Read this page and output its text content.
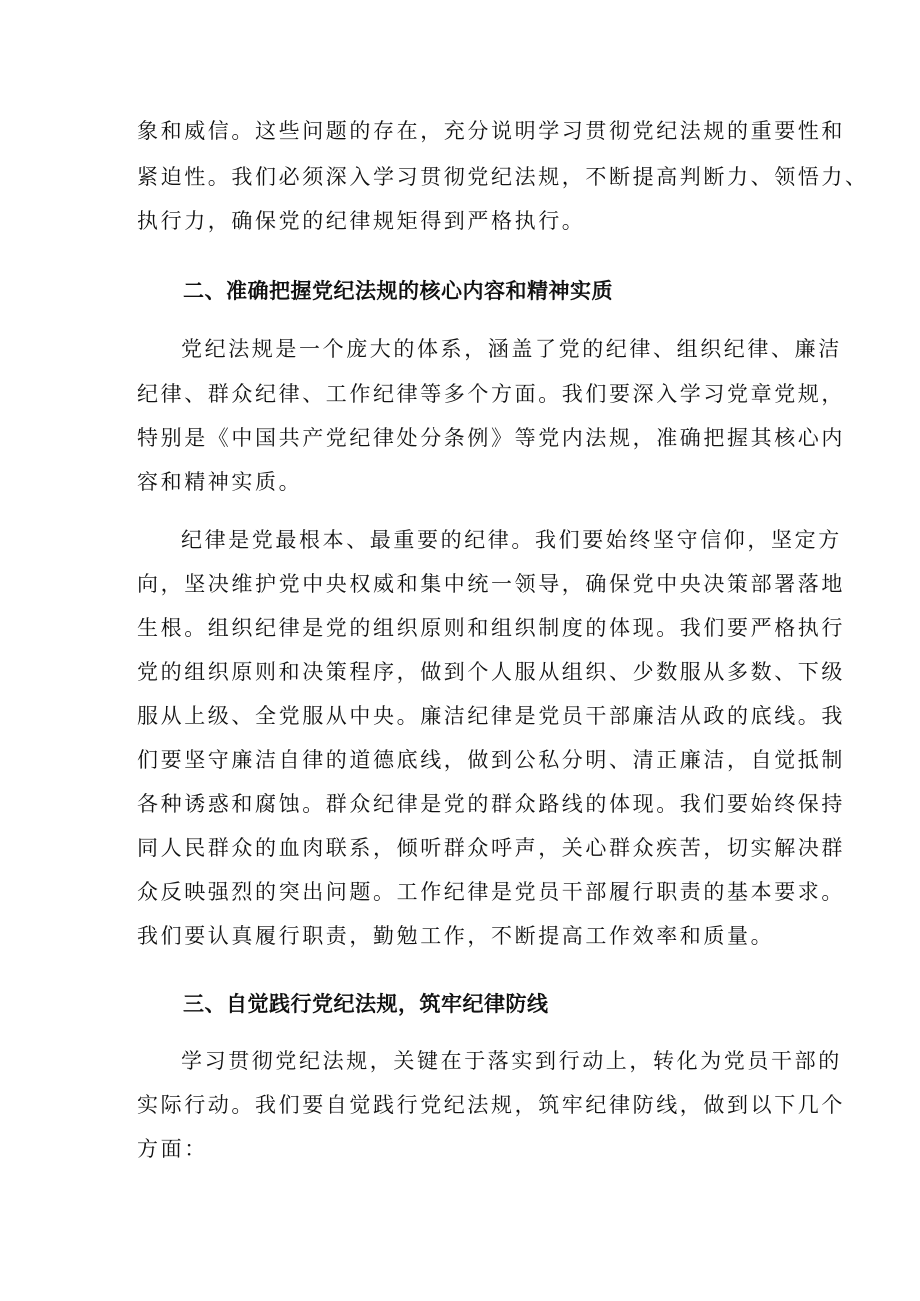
象和威信。这些问题的存在，充分说明学习贯彻党纪法规的重要性和

紧迫性。我们必须深入学习贯彻党纪法规，不断提高判断力、领悟力、

执行力，确保党的纪律规矩得到严格执行。

二、准确把握党纪法规的核心内容和精神实质

党纪法规是一个庞大的体系，涵盖了党的纪律、组织纪律、廉洁

纪律、群众纪律、工作纪律等多个方面。我们要深入学习党章党规，

特别是《中国共产党纪律处分条例》等党内法规，准确把握其核心内

容和精神实质。

纪律是党最根本、最重要的纪律。我们要始终坚守信仰，坚定方

向，坚决维护党中央权威和集中统一领导，确保党中央决策部署落地

生根。组织纪律是党的组织原则和组织制度的体现。我们要严格执行

党的组织原则和决策程序，做到个人服从组织、少数服从多数、下级

服从上级、全党服从中央。廉洁纪律是党员干部廉洁从政的底线。我

们要坚守廉洁自律的道德底线，做到公私分明、清正廉洁，自觉抵制

各种诱惑和腐蚀。群众纪律是党的群众路线的体现。我们要始终保持

同人民群众的血肉联系，倾听群众呼声，关心群众疾苦，切实解决群

众反映强烈的突出问题。工作纪律是党员干部履行职责的基本要求。

我们要认真履行职责，勤勉工作，不断提高工作效率和质量。

三、自觉践行党纪法规，筑牢纪律防线

学习贯彻党纪法规，关键在于落实到行动上，转化为党员干部的

实际行动。我们要自觉践行党纪法规，筑牢纪律防线，做到以下几个

方面：
